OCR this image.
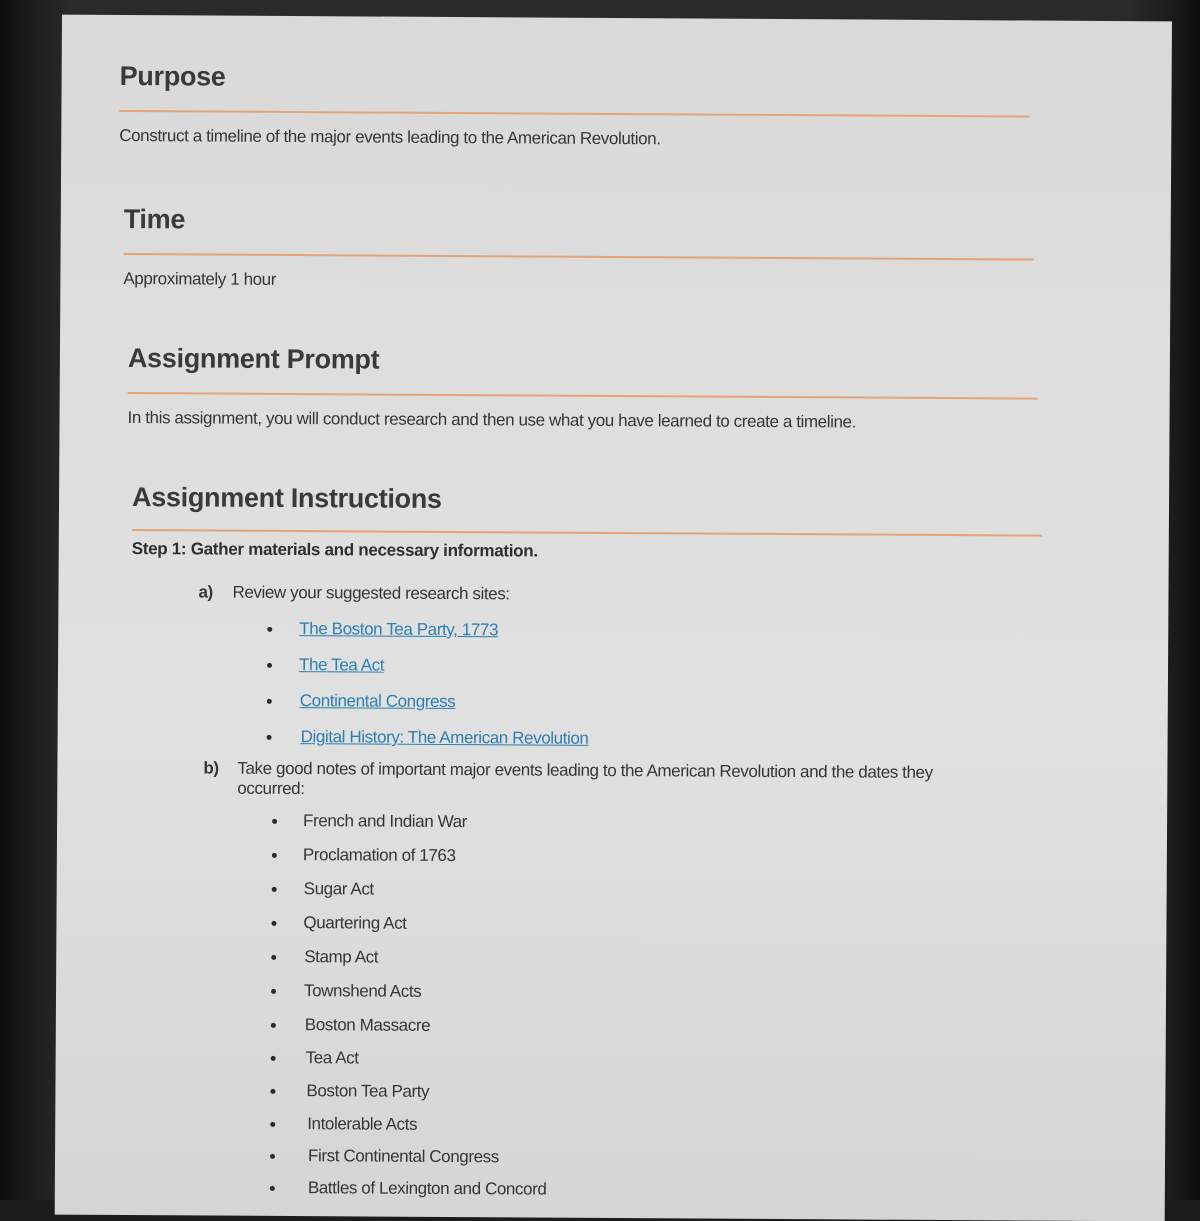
Purpose
Construct a timeline of the major events leading to the American Revolution.
Time
Approximately 1 hour
Assignment Prompt
In this assignment, you will conduct research and then use what you have learned to create a timeline.
Assignment Instructions
Step 1: Gather materials and necessary information.
a) Review your suggested research sites:
The Boston Tea Party, 1773
The Tea Act
Continental Congress
Digital History: The American Revolution
b) Take good notes of important major events leading to the American Revolution and the dates they occurred:
French and Indian War
Proclamation of 1763
Sugar Act
Quartering Act
Stamp Act
Townshend Acts
Boston Massacre
Tea Act
Boston Tea Party
Intolerable Acts
First Continental Congress
Battles of Lexington and Concord
